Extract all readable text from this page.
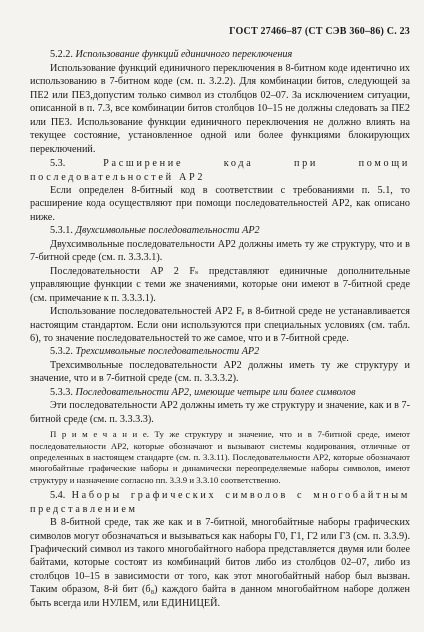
ГОСТ 27466–87 (СТ СЭВ 360–86) С. 23

5.2.2. Использование функций единичного переключения

Использование функций единичного переключения в 8-битном коде идентично их использованию в 7-битном коде (см. п. 3.2.2). Для комбинации битов, следующей за ПЕ2 или ПЕ3,допустим только символ из столбцов 02–07. За исключением ситуации, описанной в п. 7.3, все комбинации битов столбцов 10–15 не должны следовать за ПЕ2 или ПЕ3. Использование функции единичного переключения не должно влиять на текущее состояние, установленное одной или более функциями блокирующих переключений.

5.3.	Расширение кода при помощи последовательностей АР2

Если определен 8-битный код в соответствии с требованиями п. 5.1, то расширение кода осуществляют при помощи последовательностей АР2, как описано ниже.

5.3.1. Двухсимвольные последовательности АР2

Двухсимвольные последовательности АР2 должны иметь ту же структуру, что и в 7-битной среде (см. п. 3.3.3.1).

Последовательности АР 2 Fₛ представляют единичные дополнительные управляющие функции с теми же значениями, которые они имеют в 7-битной среде (см. примечание к п. 3.3.3.1).

Использование последовательностей АР2 Fₑ в 8-битной среде не устанавливается настоящим стандартом. Если они используются при специальных условиях (см. табл. 6), то значение последовательностей то же самое, что и в 7-битной среде.

5.3.2. Трехсимвольные последовательности АР2

Трехсимвольные последовательности АР2 должны иметь ту же структуру и значение, что и в 7-битной среде (см. п. 3.3.3.2).

5.3.3. Последовательности АР2, имеющие четыре или более символов

Эти последовательности АР2 должны иметь ту же структуру и значение, как и в 7-битной среде (см. п. 3.3.3.3).

П р и м е ч а н и е. Ту же структуру и значение, что и в 7-битной среде, имеют последовательности АР2, которые обозначают и вызывают системы кодирования, отличные от определенных в настоящем стандарте (см. п. 3.3.11). Последовательности АР2, которые обозначают многобайтные графические наборы и динамически переопределяемые наборы символов, имеют структуру и назначение согласно пп. 3.3.9 и 3.3.10 соответственно.

5.4. Наборы графических символов с многобайтным представлением

В 8-битной среде, так же как и в 7-битной, многобайтные наборы графических символов могут обозначаться и вызываться как наборы Г0, Г1, Г2 или Г3 (см. п. 3.3.9). Графический символ из такого многобайтного набора представляется двумя или более байтами, которые состоят из комбинаций битов либо из столбцов 02–07, либо из столбцов 10–15 в зависимости от того, как этот многобайтный набор был вызван. Таким образом, 8-й бит (б₈) каждого байта в данном многобайтном наборе должен быть всегда или НУЛЕМ, или ЕДИНИЦЕЙ.
